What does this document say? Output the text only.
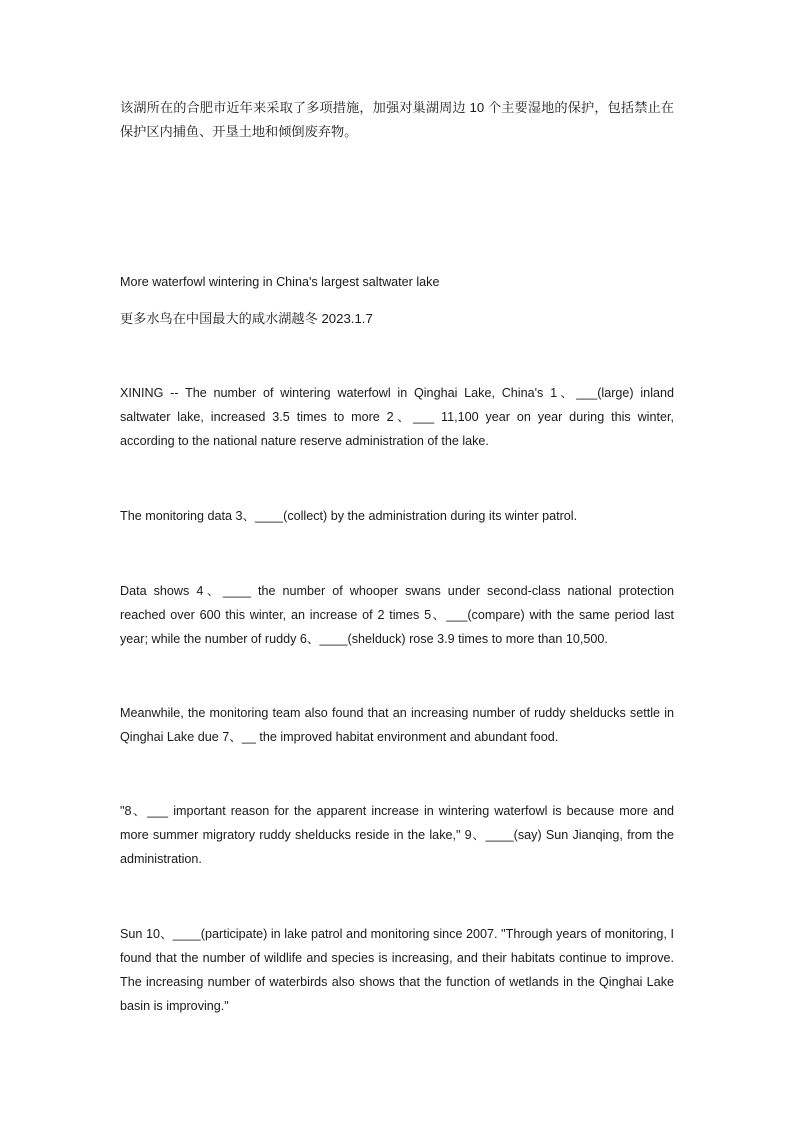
该湖所在的合肥市近年来采取了多项措施，加强对巢湖周边 10 个主要湿地的保护，包括禁止在保护区内捕鱼、开垦土地和倾倒废弃物。
More waterfowl wintering in China's largest saltwater lake
更多水鸟在中国最大的咸水湖越冬 2023.1.7
XINING -- The number of wintering waterfowl in Qinghai Lake, China's 1、___(large) inland saltwater lake, increased 3.5 times to more 2、___ 11,100 year on year during this winter, according to the national nature reserve administration of the lake.
The monitoring data 3、____(collect) by the administration during its winter patrol.
Data shows 4、____ the number of whooper swans under second-class national protection reached over 600 this winter, an increase of 2 times 5、___(compare) with the same period last year; while the number of ruddy 6、____(shelduck) rose 3.9 times to more than 10,500.
Meanwhile, the monitoring team also found that an increasing number of ruddy shelducks settle in Qinghai Lake due 7、__ the improved habitat environment and abundant food.
"8、___ important reason for the apparent increase in wintering waterfowl is because more and more summer migratory ruddy shelducks reside in the lake," 9、____(say) Sun Jianqing, from the administration.
Sun 10、____(participate) in lake patrol and monitoring since 2007. "Through years of monitoring, I found that the number of wildlife and species is increasing, and their habitats continue to improve. The increasing number of waterbirds also shows that the function of wetlands in the Qinghai Lake basin is improving."
